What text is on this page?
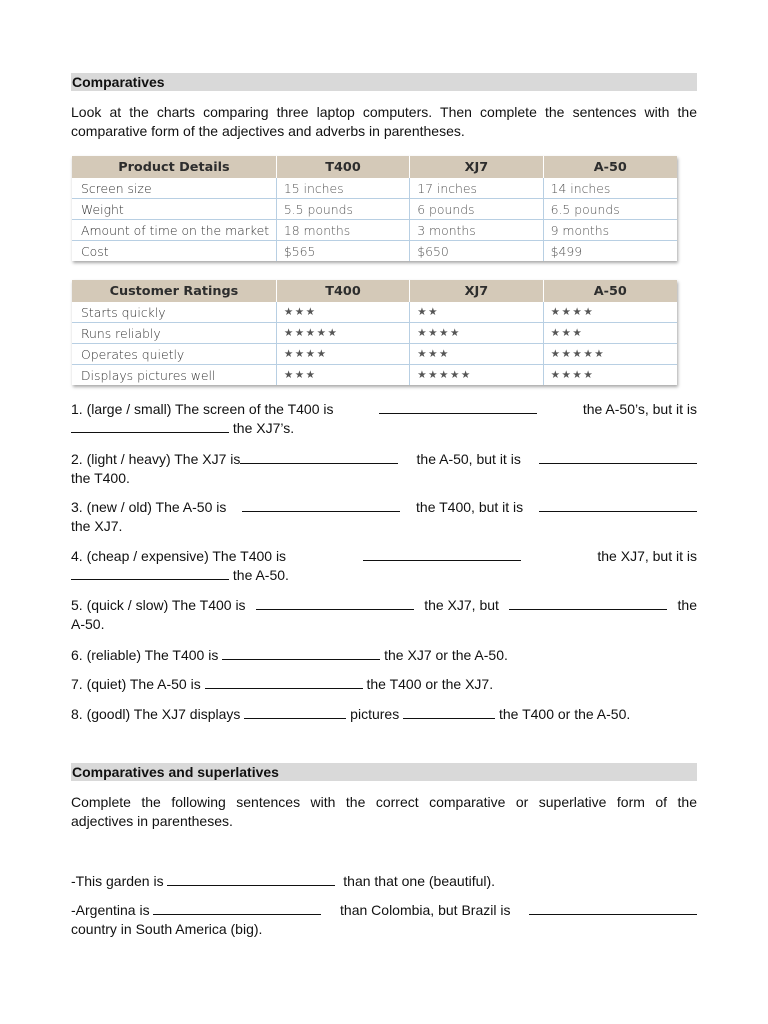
Comparatives
Look at the charts comparing three laptop computers. Then complete the sentences with the
comparative form of the adjectives and adverbs in parentheses.
Product Details	T400	XJ7	A-50
Screen size	15 inches	17 inches	14 inches
Weight	5.5 pounds	6 pounds	6.5 pounds
Amount of time on the market	18 months	3 months	9 months
Cost	$565	$650	$499
Customer Ratings	T400	XJ7	A-50
Starts quickly	★★★	★★	★★★★
Runs reliably	★★★★★	★★★★	★★★
Operates quietly	★★★★	★★★	★★★★★
Displays pictures well	★★★	★★★★★	★★★★
1. (large / small) The screen of the T400 is	the A-50’s, but it is

the XJ7’s.
2. (light / heavy) The XJ7 is	the A-50, but it is
the T400.
3. (new / old) The A-50 is	the T400, but it is
the XJ7.
4. (cheap / expensive) The T400 is	the XJ7, but it is

the A-50.
5. (quick / slow) The T400 is	the XJ7, but	the
A-50.
6. (reliable) The T400 is

	the XJ7 or the A-50.
7. (quiet) The A-50 is

	the T400 or the XJ7.
8. (goodl) The XJ7 displays

	pictures

	the T400 or the A-50.
Comparatives and superlatives
Complete the following sentences with the correct comparative or superlative form of the
adjectives in parentheses.
-This garden is

	than that one (beautiful).
-Argentina is	than Colombia, but Brazil is
country in South America (big).
